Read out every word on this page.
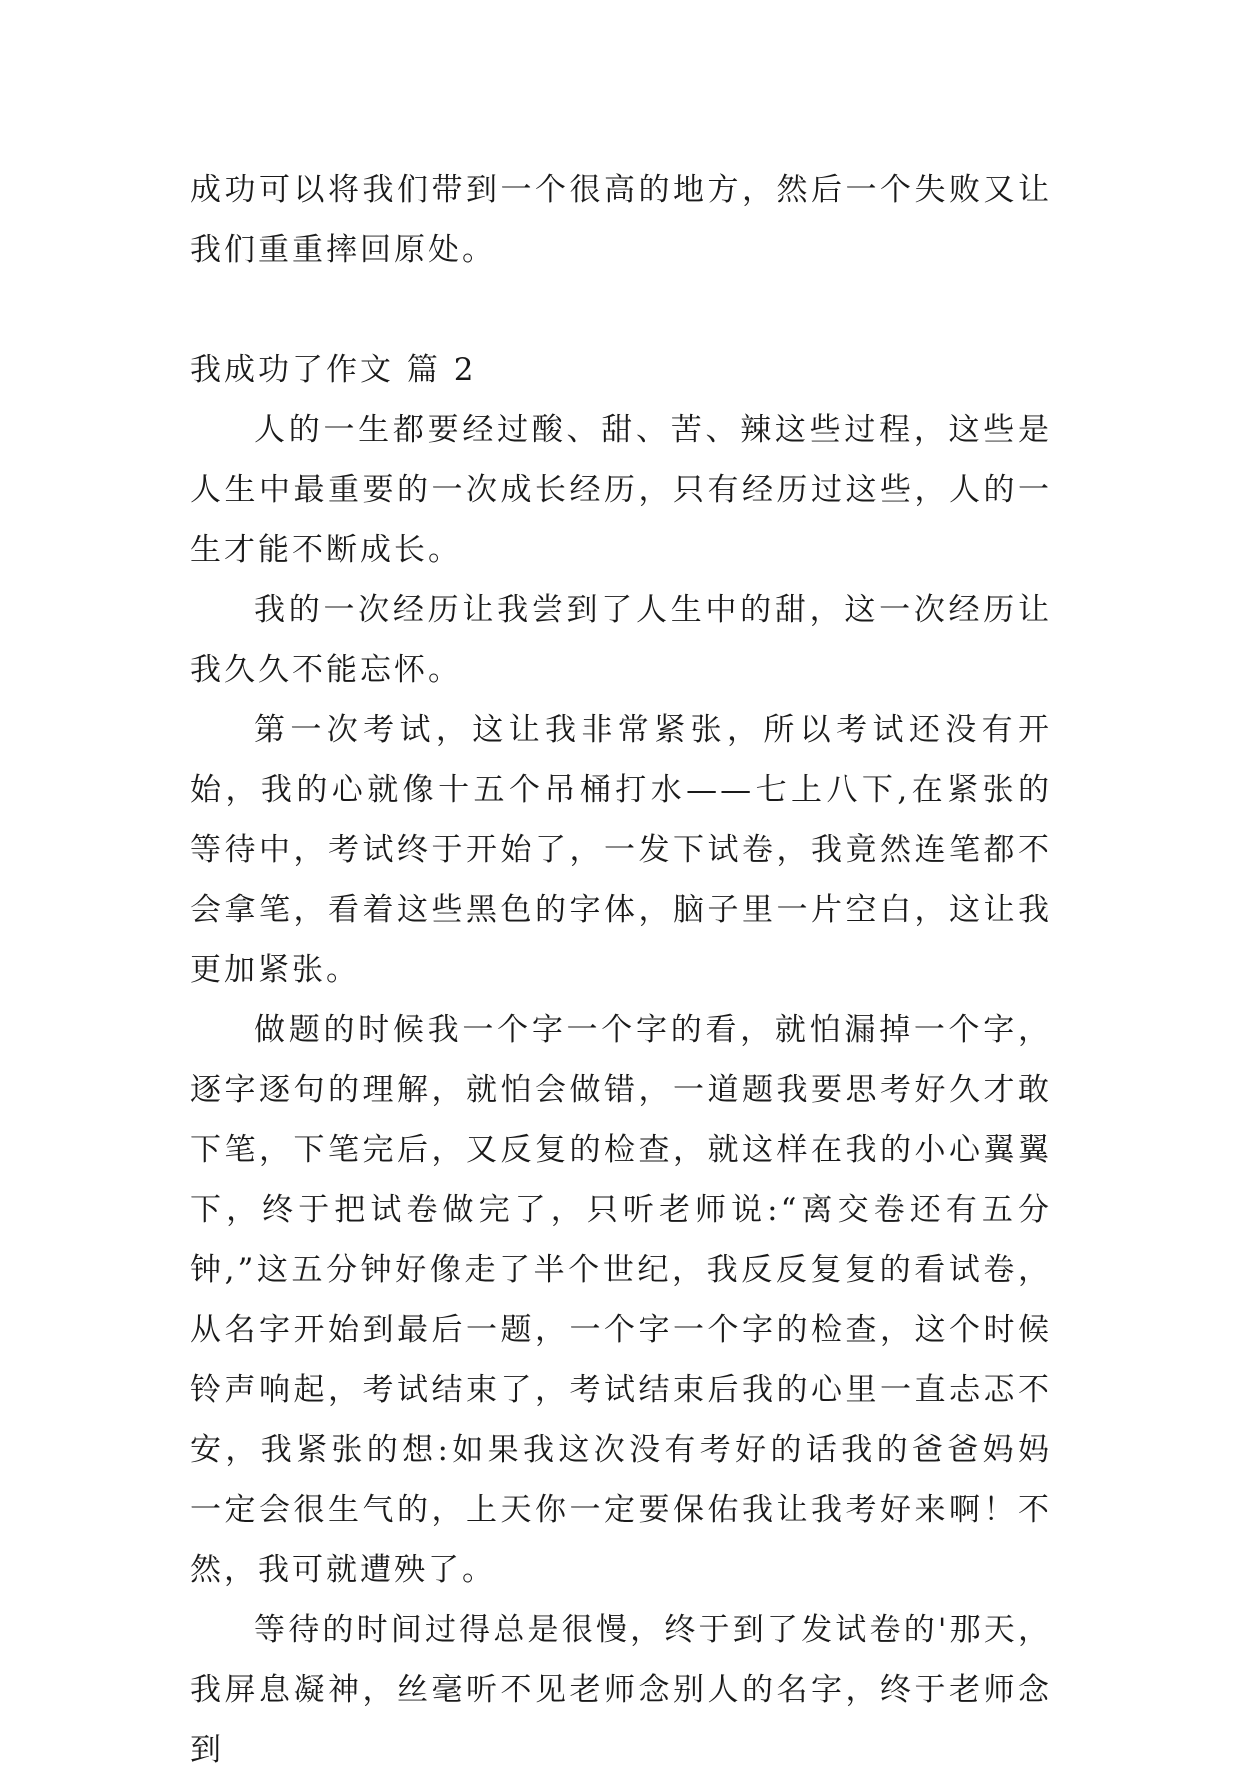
成功可以将我们带到一个很高的地方，然后一个失败又让我们重重摔回原处。

我成功了作文 篇 2

人的一生都要经过酸、甜、苦、辣这些过程，这些是人生中最重要的一次成长经历，只有经历过这些，人的一生才能不断成长。

我的一次经历让我尝到了人生中的甜，这一次经历让我久久不能忘怀。

第一次考试，这让我非常紧张，所以考试还没有开始，我的心就像十五个吊桶打水——七上八下,在紧张的等待中，考试终于开始了，一发下试卷，我竟然连笔都不会拿笔，看着这些黑色的字体，脑子里一片空白，这让我更加紧张。

做题的时候我一个字一个字的看，就怕漏掉一个字，逐字逐句的理解，就怕会做错，一道题我要思考好久才敢下笔，下笔完后，又反复的检查，就这样在我的小心翼翼下，终于把试卷做完了，只听老师说:“离交卷还有五分钟,”这五分钟好像走了半个世纪，我反反复复的看试卷，从名字开始到最后一题，一个字一个字的检查，这个时候铃声响起，考试结束了，考试结束后我的心里一直忐忑不安，我紧张的想:如果我这次没有考好的话我的爸爸妈妈一定会很生气的，上天你一定要保佑我让我考好来啊！不然，我可就遭殃了。

等待的时间过得总是很慢，终于到了发试卷的'那天，我屏息凝神，丝毫听不见老师念别人的名字，终于老师念到
